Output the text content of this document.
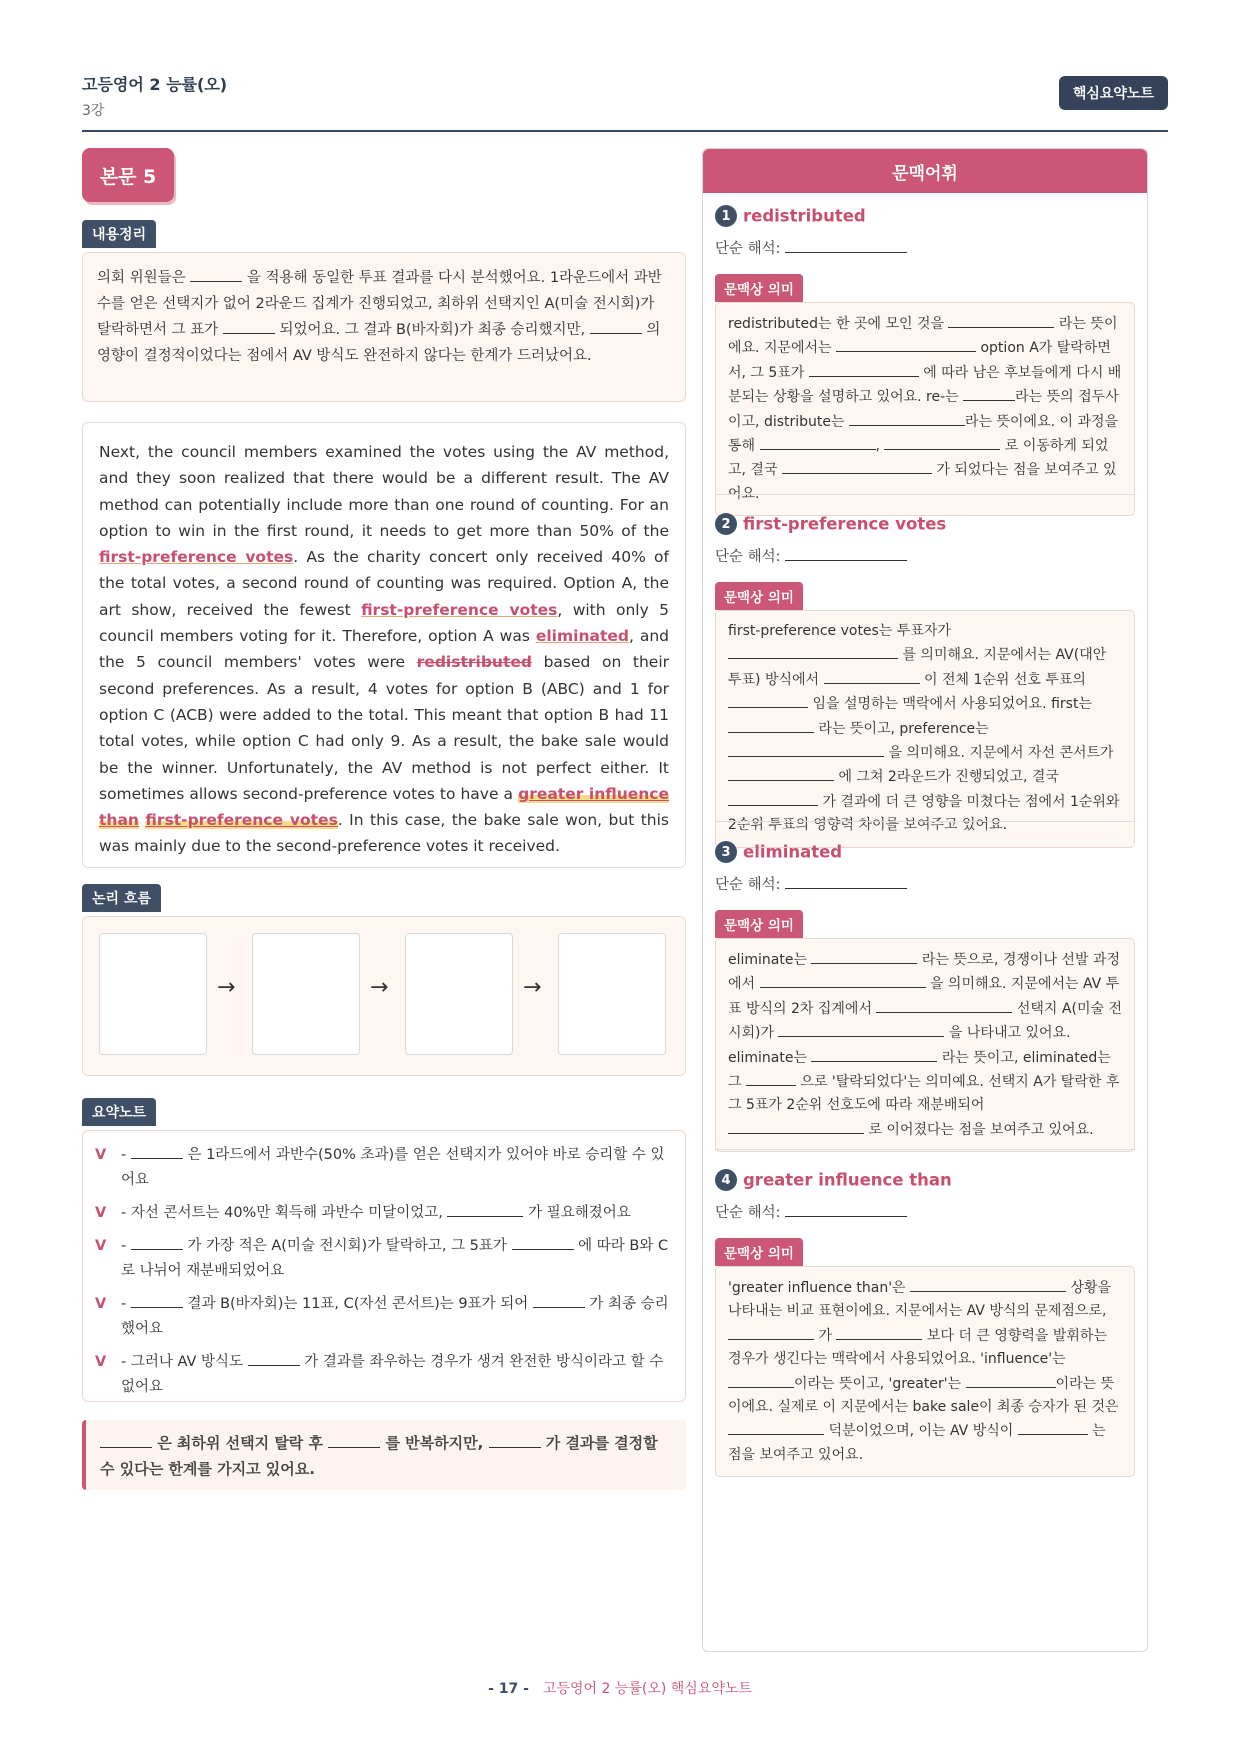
고등영어 2 능률(오)
3강
핵심요약노트
본문 5
내용정리
의회 위원들은	을 적용해 동일한 투표 결과를 다시 분석했어요. 1라운드에서 과반수를 얻은 선택지가 없어 2라운드 집계가 진행되었고, 최하위 선택지인 A(미술 전시회)가 탈락하면서 그 표가	되었어요. 그 결과 B(바자회)가 최종 승리했지만,	의 영향이 결정적이었다는 점에서 AV 방식도 완전하지 않다는 한계가 드러났어요.
Next, the council members examined the votes using the AV method, and they soon realized that there would be a different result. The AV method can potentially include more than one round of counting. For an option to win in the first round, it needs to get more than 50% of the first-preference votes. As the charity concert only received 40% of the total votes, a second round of counting was required. Option A, the art show, received the fewest first-preference votes, with only 5 council members voting for it. Therefore, option A was eliminated, and the 5 council members' votes were redistributed based on their second preferences. As a result, 4 votes for option B (ABC) and 1 for option C (ACB) were added to the total. This meant that option B had 11 total votes, while option C had only 9. As a result, the bake sale would be the winner. Unfortunately, the AV method is not perfect either. It sometimes allows second-preference votes to have a greater influence than first-preference votes. In this case, the bake sale won, but this was mainly due to the second-preference votes it received.
논리 흐름
→	→	→
요약노트
V -	은 1라드에서 과반수(50% 초과)를 얻은 선택지가 있어야 바로 승리할 수 있어요
V - 자선 콘서트는 40%만 획득해 과반수 미달이었고,	가 필요해졌어요
V -	가 가장 적은 A(미술 전시회)가 탈락하고, 그 5표가	에 따라 B와 C로 나뉘어 재분배되었어요
V -	결과 B(바자회)는 11표, C(자선 콘서트)는 9표가 되어	가 최종 승리했어요
V - 그러나 AV 방식도	가 결과를 좌우하는 경우가 생겨 완전한 방식이라고 할 수 없어요
은 최하위 선택지 탈락 후	를 반복하지만,	가 결과를 결정할 수 있다는 한계를 가지고 있어요.
문맥어휘
1 redistributed
단순 해석:
문맥상 의미
redistributed는 한 곳에 모인 것을	라는 뜻이에요. 지문에서는	option A가 탈락하면서, 그 5표가	에 따라 남은 후보들에게 다시 배분되는 상황을 설명하고 있어요. re-는	라는 뜻의 접두사이고, distribute는	라는 뜻이에요. 이 과정을 통해	,	로 이동하게 되었고, 결국	가 되었다는 점을 보여주고 있어요.
2 first-preference votes
단순 해석:
문맥상 의미
first-preference votes는 투표자가  를 의미해요. 지문에서는 AV(대안 투표) 방식에서	이 전체 1순위 선호 투표의  임을 설명하는 맥락에서 사용되었어요. first는  라는 뜻이고, preference는  을 의미해요. 지문에서 자선 콘서트가  에 그쳐 2라운드가 진행되었고, 결국  가 결과에 더 큰 영향을 미쳤다는 점에서 1순위와 2순위 투표의 영향력 차이를 보여주고 있어요.
3 eliminated
단순 해석:
문맥상 의미
eliminate는	라는 뜻으로, 경쟁이나 선발 과정에서	을 의미해요. 지문에서는 AV 투표 방식의 2차 집계에서	선택지 A(미술 전시회)가	을 나타내고 있어요. eliminate는	라는 뜻이고, eliminated는 그	으로 '탈락되었다'는 의미예요. 선택지 A가 탈락한 후 그 5표가 2순위 선호도에 따라 재분배되어  로 이어졌다는 점을 보여주고 있어요.
4 greater influence than
단순 해석:
문맥상 의미
'greater influence than'은	상황을 나타내는 비교 표현이에요. 지문에서는 AV 방식의 문제점으로,  가	보다 더 큰 영향력을 발휘하는 경우가 생긴다는 맥락에서 사용되었어요. 'influence'는 이라는 뜻이고, 'greater'는	이라는 뜻이에요. 실제로 이 지문에서는 bake sale이 최종 승자가 된 것은  덕분이었으며, 이는 AV 방식이	는 점을 보여주고 있어요.
- 17 - 고등영어 2 능률(오) 핵심요약노트
